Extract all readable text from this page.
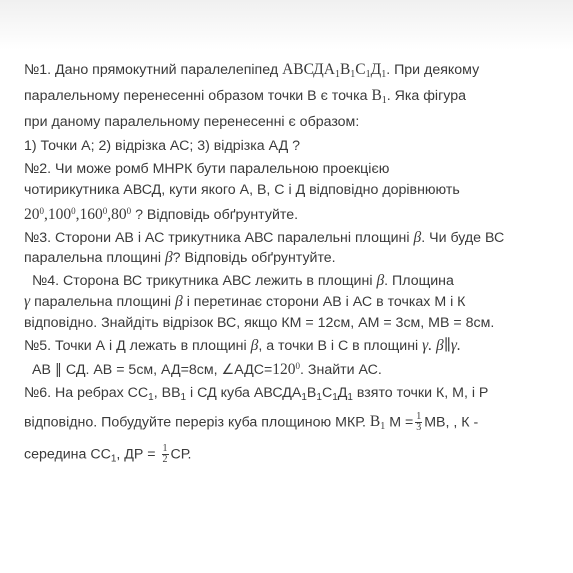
№1. Дано прямокутний паралелепіпед $АВСДА_1В_1С_1Д_1$. При деякому
паралельному перенесенні образом точки В є точка $В_1$. Яка фігура
при даному паралельному перенесенні є образом:
1) Точки А; 2) відрізка АС; 3) відрізка АД ?
№2. Чи може ромб МНРК бути паралельною проекцією
чотирикутника АВСД, кути якого А, В, С і Д відповідно дорівнюють
$20^0,100^0,160^0,80^0$ ? Відповідь обґрунтуйте.
№3. Сторони АВ і АС трикутника АВС паралельні площині β. Чи буде ВС
паралельна площині β? Відповідь обґрунтуйте.
№4. Сторона ВС трикутника АВС лежить в площині β. Площина
γ паралельна площині β і перетинає сторони АВ і АС в точках М і К
відповідно. Знайдіть відрізок ВС, якщо КМ = 12см, АМ = 3см, МВ = 8см.
№5. Точки А і Д лежать в площині β, а точки В і С в площині γ. β∥γ.
АВ ∥ СД. АВ = 5см, АД=8см, $\angle АДС=120^0$. Знайти АС.
№6. На ребрах $СС_1$, $ВВ_1$ і СД куба $АВСДА_1В_1С_1Д_1$ взято точки К, М, і Р
відповідно. Побудуйте переріз куба площиною МКР. $В_1$ $М = \frac{1}{3}$ МВ, , К -
середина $СС_1$, ДР = $\frac{1}{2}$ СР.
